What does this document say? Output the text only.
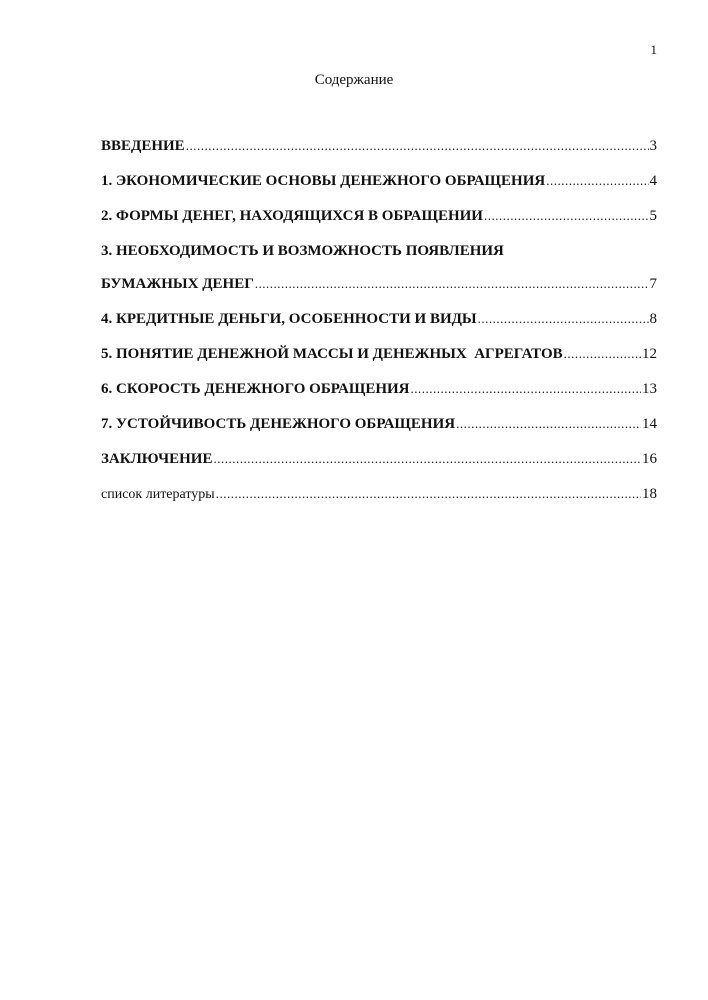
1
Содержание
ВВЕДЕНИЕ .....	3
1. ЭКОНОМИЧЕСКИЕ ОСНОВЫ ДЕНЕЖНОГО ОБРАЩЕНИЯ .....	4
2. ФОРМЫ ДЕНЕГ, НАХОДЯЩИХСЯ В ОБРАЩЕНИИ .....	5
3. НЕОБХОДИМОСТЬ И ВОЗМОЖНОСТЬ ПОЯВЛЕНИЯ
БУМАЖНЫХ ДЕНЕГ .....	7
4. КРЕДИТНЫЕ ДЕНЬГИ, ОСОБЕННОСТИ И ВИДЫ .....	8
5. ПОНЯТИЕ ДЕНЕЖНОЙ МАССЫ И ДЕНЕЖНЫХ  АГРЕГАТОВ .....	12
6. СКОРОСТЬ ДЕНЕЖНОГО ОБРАЩЕНИЯ .....	13
7. УСТОЙЧИВОСТЬ ДЕНЕЖНОГО ОБРАЩЕНИЯ .....	14
ЗАКЛЮЧЕНИЕ .....	16
список литературы .....	18
